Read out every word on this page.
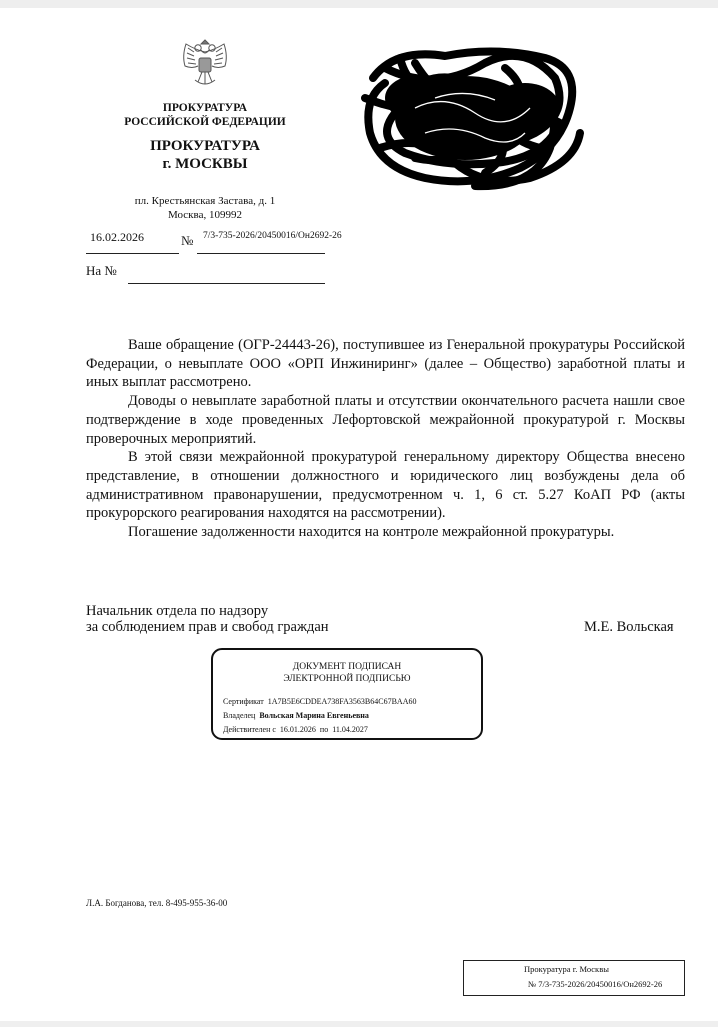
ПРОКУРАТУРА
РОССИЙСКОЙ ФЕДЕРАЦИИ
ПРОКУРАТУРА
г. МОСКВЫ
пл. Крестьянская Застава, д. 1
Москва, 109992
16.02.2026	№ 7/3-735-2026/20450016/Он2692-26
На №

Ваше обращение (ОГР-24443-26), поступившее из Генеральной прокуратуры Российской Федерации, о невыплате ООО «ОРП Инжиниринг» (далее – Общество) заработной платы и иных выплат рассмотрено.

Доводы о невыплате заработной платы и отсутствии окончательного расчета нашли свое подтверждение в ходе проведенных Лефортовской межрайонной прокуратурой г. Москвы проверочных мероприятий.

В этой связи межрайонной прокуратурой генеральному директору Общества внесено представление, в отношении должностного и юридического лиц возбуждены дела об административном правонарушении, предусмотренном ч. 1, 6 ст. 5.27 КоАП РФ (акты прокурорского реагирования находятся на рассмотрении).

Погашение задолженности находится на контроле межрайонной прокуратуры.

Начальник отдела по надзору
за соблюдением прав и свобод граждан	М.Е. Вольская
ДОКУМЕНТ ПОДПИСАН
ЭЛЕКТРОННОЙ ПОДПИСЬЮ
Сертификат 1A7B5E6CDDEA738FA3563B64C67BAA60
Владелец Вольская Марина Евгеньевна
Действителен с 16.01.2026 по 11.04.2027
Л.А. Богданова, тел. 8-495-955-36-00
Прокуратура г. Москвы
№ 7/3-735-2026/20450016/Он2692-26
